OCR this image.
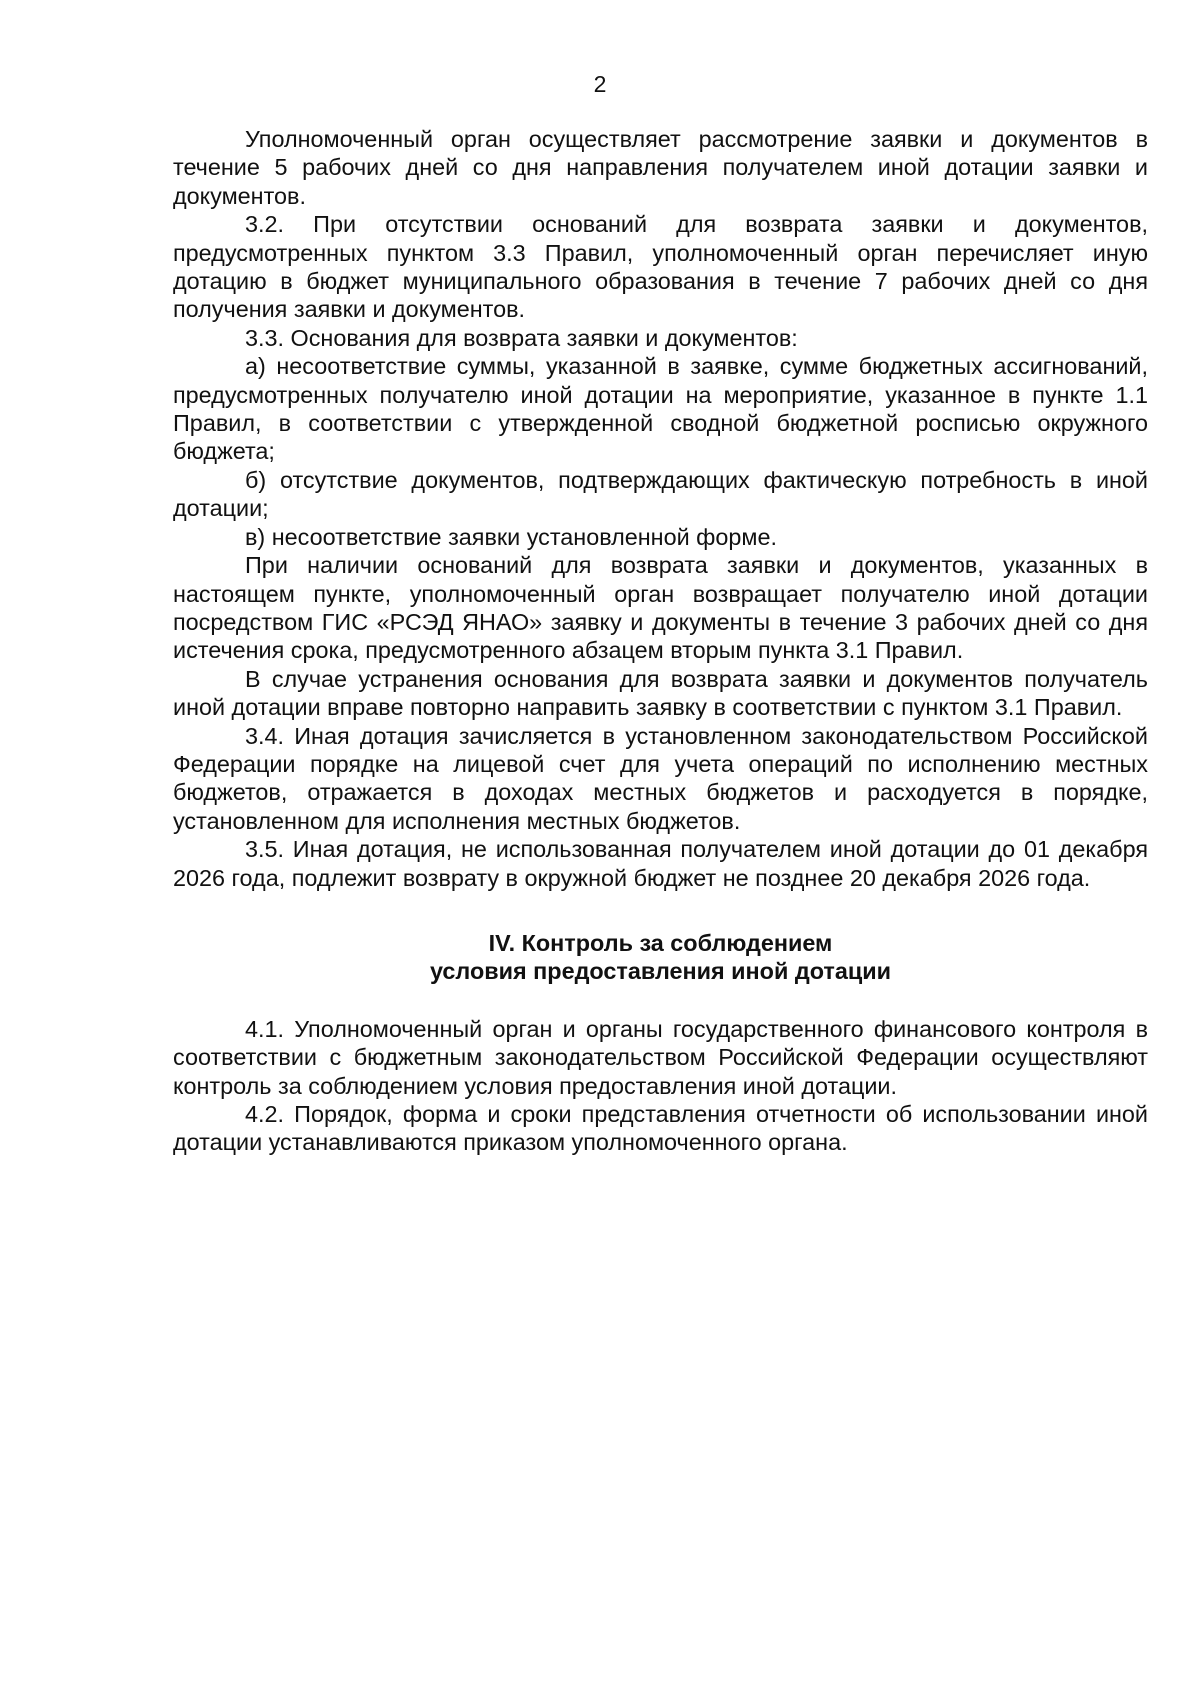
2

Уполномоченный орган осуществляет рассмотрение заявки и документов в течение 5 рабочих дней со дня направления получателем иной дотации заявки и документов.

3.2. При отсутствии оснований для возврата заявки и документов, предусмотренных пунктом 3.3 Правил, уполномоченный орган перечисляет иную дотацию в бюджет муниципального образования в течение 7 рабочих дней со дня получения заявки и документов.

3.3. Основания для возврата заявки и документов:

а) несоответствие суммы, указанной в заявке, сумме бюджетных ассигнований, предусмотренных получателю иной дотации на мероприятие, указанное в пункте 1.1 Правил, в соответствии с утвержденной сводной бюджетной росписью окружного бюджета;

б) отсутствие документов, подтверждающих фактическую потребность в иной дотации;

в) несоответствие заявки установленной форме.

При наличии оснований для возврата заявки и документов, указанных в настоящем пункте, уполномоченный орган возвращает получателю иной дотации посредством ГИС «РСЭД ЯНАО» заявку и документы в течение 3 рабочих дней со дня истечения срока, предусмотренного абзацем вторым пункта 3.1 Правил.

В случае устранения основания для возврата заявки и документов получатель иной дотации вправе повторно направить заявку в соответствии с пунктом 3.1 Правил.

3.4. Иная дотация зачисляется в установленном законодательством Российской Федерации порядке на лицевой счет для учета операций по исполнению местных бюджетов, отражается в доходах местных бюджетов и расходуется в порядке, установленном для исполнения местных бюджетов.

3.5. Иная дотация, не использованная получателем иной дотации до 01 декабря 2026 года, подлежит возврату в окружной бюджет не позднее 20 декабря 2026 года.

IV. Контроль за соблюдением
условия предоставления иной дотации

4.1. Уполномоченный орган и органы государственного финансового контроля в соответствии с бюджетным законодательством Российской Федерации осуществляют контроль за соблюдением условия предоставления иной дотации.

4.2. Порядок, форма и сроки представления отчетности об использовании иной дотации устанавливаются приказом уполномоченного органа.
